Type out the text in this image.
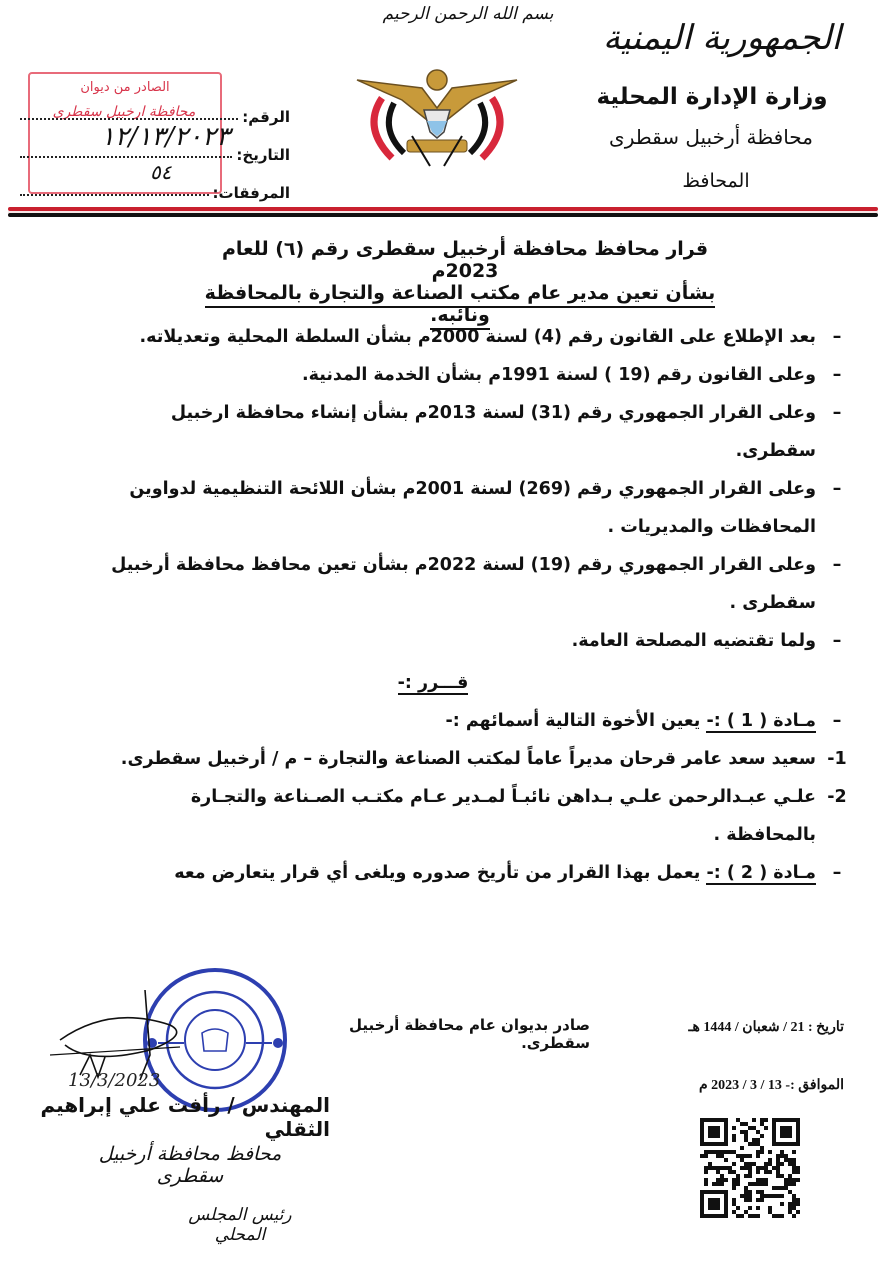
الجمهورية اليمنية
وزارة الإدارة المحلية
محافظة أرخبيل سقطرى
المحافظ
بسم الله الرحمن الرحيم
الصادر من ديوان
محافظة ارخبيل سقطرى	الرقم:
التاريخ:
المرفقات:
١٢/١٣/٢٠٢٣
٥٤
قرار محافظ محافظة أرخبيل سقطرى رقم (٦) للعام 2023م
بشأن تعين مدير عام مكتب الصناعة والتجارة بالمحافظة ونائبه.
–
بعد الإطلاع على القانون رقم (4) لسنة 2000م بشأن السلطة المحلية وتعديلاته.
–
وعلى القانون رقم (19 ) لسنة 1991م بشأن الخدمة المدنية.
–
وعلى القرار الجمهوري رقم (31) لسنة 2013م بشأن إنشاء محافظة ارخبيل سقطرى.
–
وعلى القرار الجمهوري رقم (269) لسنة 2001م بشأن اللائحة التنظيمية لدواوين المحافظات والمديريات .
–
وعلى القرار الجمهوري رقم (19) لسنة 2022م بشأن تعين محافظ محافظة أرخبيل سقطرى .
–
ولما تقتضيه المصلحة العامة.
قـــرر :-
–
مـادة ( 1 ) :- يعين الأخوة التالية أسمائهم :-
1-
سعيد سعد عامر قرحان مديراً عاماً لمكتب الصناعة والتجارة – م / أرخبيل سقطرى.
2-
علـي عبـدالرحمن علـي بـداهن نائبـاً لمـدير عـام مكتـب الصـناعة والتجـارة بالمحافظة .
–
مـادة ( 2 ) :- يعمل بهذا القرار من تأريخ صدوره ويلغى أي قرار يتعارض معه
صادر بديوان عام محافظة أرخبيل سقطرى.
تاريخ : 21 / شعبان / 1444 هـ
الموافق :- 13 / 3 / 2023 م
13/3/2023
المهندس / رأفت علي إبراهيم الثقلي
محافظ محافظة أرخبيل سقطرى
رئيس المجلس المحلي
